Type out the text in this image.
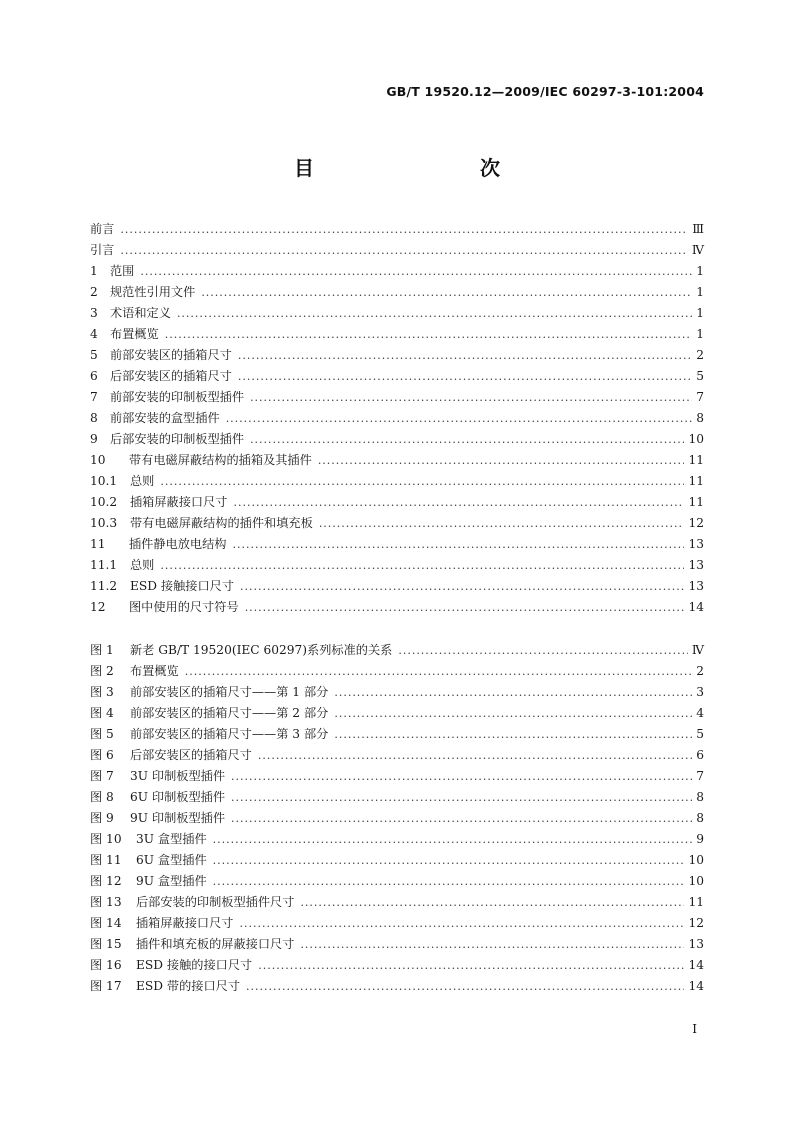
GB/T 19520.12—2009/IEC 60297-3-101:2004
目　　次
前言 .....	Ⅲ
引言 .....	Ⅳ
1	范围 .....	1
2	规范性引用文件 .....	1
3	术语和定义 .....	1
4	布置概览 .....	1
5	前部安装区的插箱尺寸 .....	2
6	后部安装区的插箱尺寸 .....	5
7	前部安装的印制板型插件 .....	7
8	前部安装的盒型插件 .....	8
9	后部安装的印制板型插件 .....	10
10	带有电磁屏蔽结构的插箱及其插件 .....	11
10.1	总则 .....	11
10.2	插箱屏蔽接口尺寸 .....	11
10.3	带有电磁屏蔽结构的插件和填充板 .....	12
11	插件静电放电结构 .....	13
11.1	总则 .....	13
11.2	ESD 接触接口尺寸 .....	13
12	图中使用的尺寸符号 .....	14
图 1	新老 GB/T 19520(IEC 60297)系列标准的关系 .....	Ⅳ
图 2	布置概览 .....	2
图 3	前部安装区的插箱尺寸——第 1 部分 .....	3
图 4	前部安装区的插箱尺寸——第 2 部分 .....	4
图 5	前部安装区的插箱尺寸——第 3 部分 .....	5
图 6	后部安装区的插箱尺寸 .....	6
图 7	3U 印制板型插件 .....	7
图 8	6U 印制板型插件 .....	8
图 9	9U 印制板型插件 .....	8
图 10	3U 盒型插件 .....	9
图 11	6U 盒型插件 .....	10
图 12	9U 盒型插件 .....	10
图 13	后部安装的印制板型插件尺寸 .....	11
图 14	插箱屏蔽接口尺寸 .....	12
图 15	插件和填充板的屏蔽接口尺寸 .....	13
图 16	ESD 接触的接口尺寸 .....	14
图 17	ESD 带的接口尺寸 .....	14
I
